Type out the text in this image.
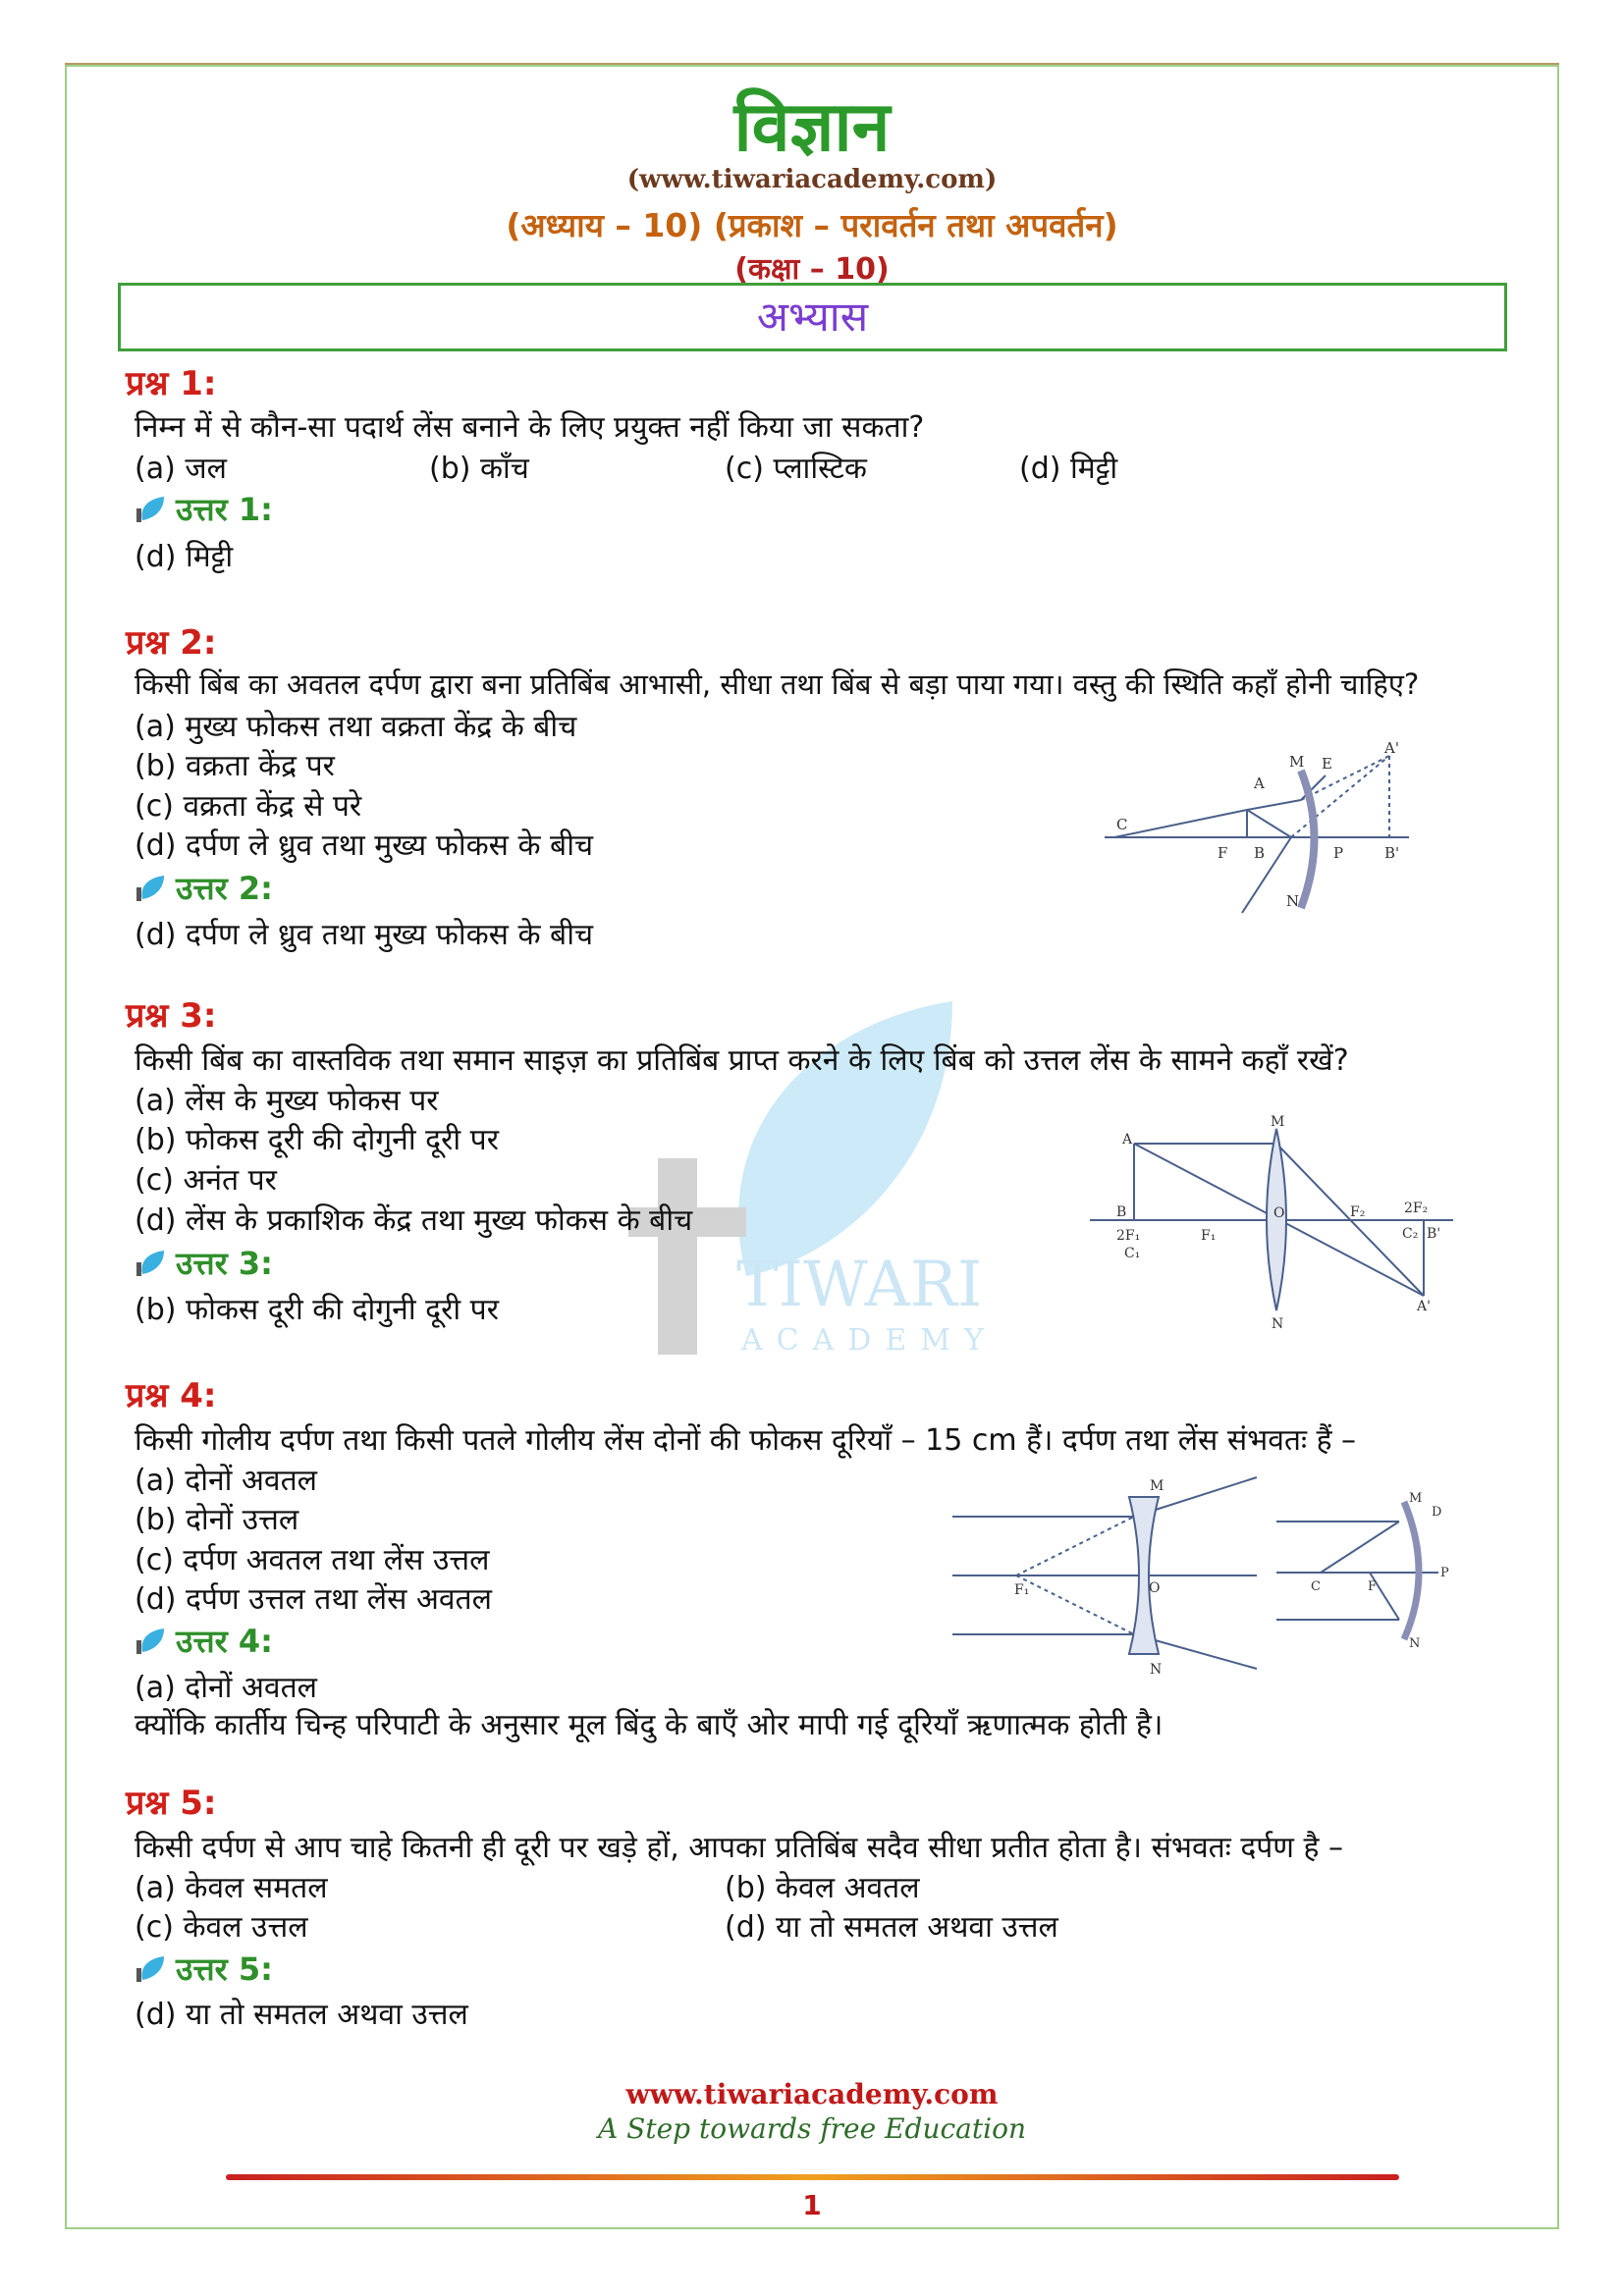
TIWARI
ACADEMY
विज्ञान
(www.tiwariacademy.com)
(अध्याय – 10) (प्रकाश – परावर्तन तथा अपवर्तन)
(कक्षा – 10)
अभ्यास
प्रश्न 1:
निम्न में से कौन-सा पदार्थ लेंस बनाने के लिए प्रयुक्त नहीं किया जा सकता?
(a) जल	(b) काँच	(c) प्लास्टिक	(d) मिट्टी
उत्तर 1:
(d) मिट्टी
प्रश्न 2:
किसी बिंब का अवतल दर्पण द्वारा बना प्रतिबिंब आभासी, सीधा तथा बिंब से बड़ा पाया गया। वस्तु की स्थिति कहाँ होनी चाहिए?
(a) मुख्य फोकस तथा वक्रता केंद्र के बीच
(b) वक्रता केंद्र पर
(c) वक्रता केंद्र से परे
(d) दर्पण ले ध्रुव तथा मुख्य फोकस के बीच
उत्तर 2:
(d) दर्पण ले ध्रुव तथा मुख्य फोकस के बीच
M E
A'
A
C
F B	P	B'
N
प्रश्न 3:
किसी बिंब का वास्तविक तथा समान साइज़ का प्रतिबिंब प्राप्त करने के लिए बिंब को उत्तल लेंस के सामने कहाँ रखें?
(a) लेंस के मुख्य फोकस पर
(b) फोकस दूरी की दोगुनी दूरी पर
(c) अनंत पर
(d) लेंस के प्रकाशिक केंद्र तथा मुख्य फोकस के बीच
उत्तर 3:
(b) फोकस दूरी की दोगुनी दूरी पर
M
A
B
2F₁
C₁
F₁
O	F₂	2F₂
C₂ B'
A'
N
प्रश्न 4:
किसी गोलीय दर्पण तथा किसी पतले गोलीय लेंस दोनों की फोकस दूरियाँ – 15 cm हैं। दर्पण तथा लेंस संभवतः हैं –
(a) दोनों अवतल
(b) दोनों उत्तल
(c) दर्पण अवतल तथा लेंस उत्तल
(d) दर्पण उत्तल तथा लेंस अवतल
उत्तर 4:
(a) दोनों अवतल
क्योंकि कार्तीय चिन्ह परिपाटी के अनुसार मूल बिंदु के बाएँ ओर मापी गई दूरियाँ ऋणात्मक होती है।
M
F₁	O
N
M
D
C	F
P
N
प्रश्न 5:
किसी दर्पण से आप चाहे कितनी ही दूरी पर खड़े हों, आपका प्रतिबिंब सदैव सीधा प्रतीत होता है। संभवतः दर्पण है –
(a) केवल समतल	(b) केवल अवतल
(c) केवल उत्तल	(d) या तो समतल अथवा उत्तल
उत्तर 5:
(d) या तो समतल अथवा उत्तल
www.tiwariacademy.com
A Step towards free Education
1
